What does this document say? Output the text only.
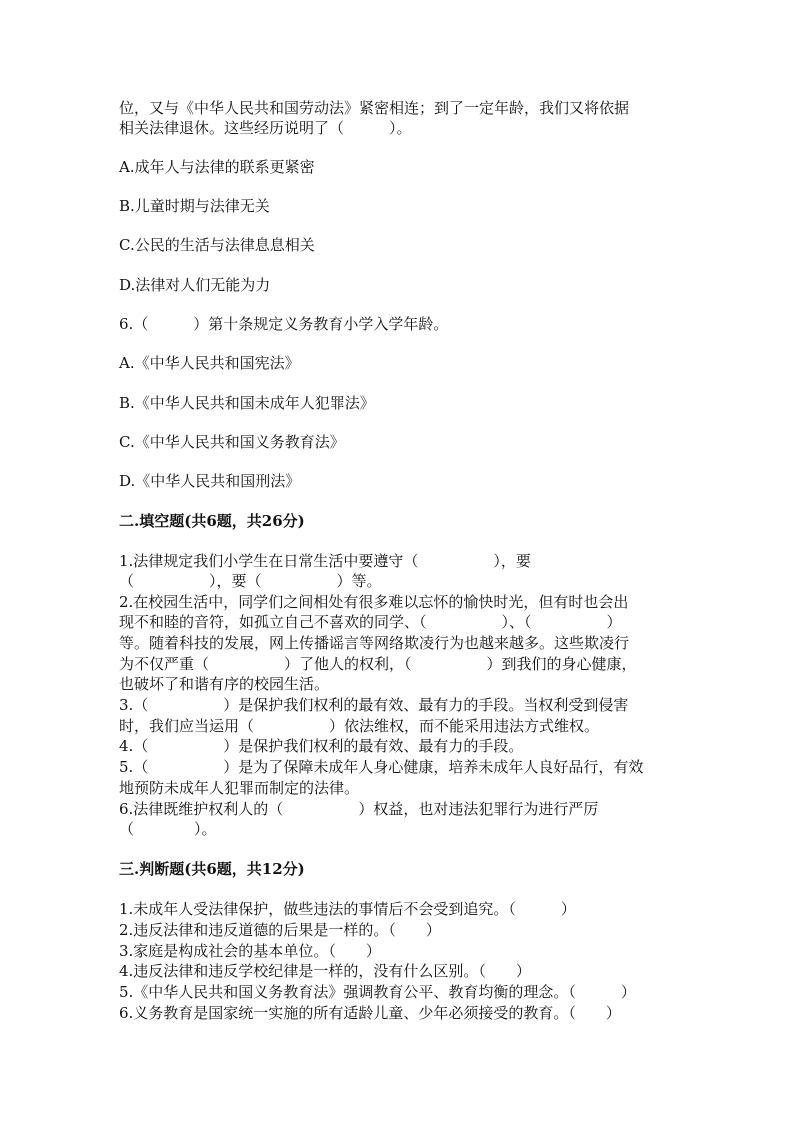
位，又与《中华人民共和国劳动法》紧密相连；到了一定年龄，我们又将依据

相关法律退休。这些经历说明了（　　　）。

A.成年人与法律的联系更紧密

B.儿童时期与法律无关

C.公民的生活与法律息息相关

D.法律对人们无能为力

6.（　　　）第十条规定义务教育小学入学年龄。

A.《中华人民共和国宪法》

B.《中华人民共和国未成年人犯罪法》

C.《中华人民共和国义务教育法》

D.《中华人民共和国刑法》

二.填空题(共6题，共26分)

1.法律规定我们小学生在日常生活中要遵守（　　　　　），要

（　　　　　），要（　　　　　）等。

2.在校园生活中，同学们之间相处有很多难以忘怀的愉快时光，但有时也会出

现不和睦的音符，如孤立自己不喜欢的同学、（　　　　　）、（　　　　　）

等。随着科技的发展，网上传播谣言等网络欺凌行为也越来越多。这些欺凌行

为不仅严重（　　　　　）了他人的权利，（　　　　　）到我们的身心健康，

也破坏了和谐有序的校园生活。

3.（　　　　　）是保护我们权利的最有效、最有力的手段。当权利受到侵害

时，我们应当运用（　　　　　）依法维权，而不能采用违法方式维权。

4.（　　　　　）是保护我们权利的最有效、最有力的手段。

5.（　　　　　）是为了保障未成年人身心健康，培养未成年人良好品行，有效

地预防未成年人犯罪而制定的法律。

6.法律既维护权利人的（　　　　　）权益，也对违法犯罪行为进行严厉

（　　　　）。

三.判断题(共6题，共12分)

1.未成年人受法律保护，做些违法的事情后不会受到追究。（　　　）

2.违反法律和违反道德的后果是一样的。（　　）

3.家庭是构成社会的基本单位。（　　）

4.违反法律和违反学校纪律是一样的，没有什么区别。（　　）

5.《中华人民共和国义务教育法》强调教育公平、教育均衡的理念。（　　　）

6.义务教育是国家统一实施的所有适龄儿童、少年必须接受的教育。（　　）
